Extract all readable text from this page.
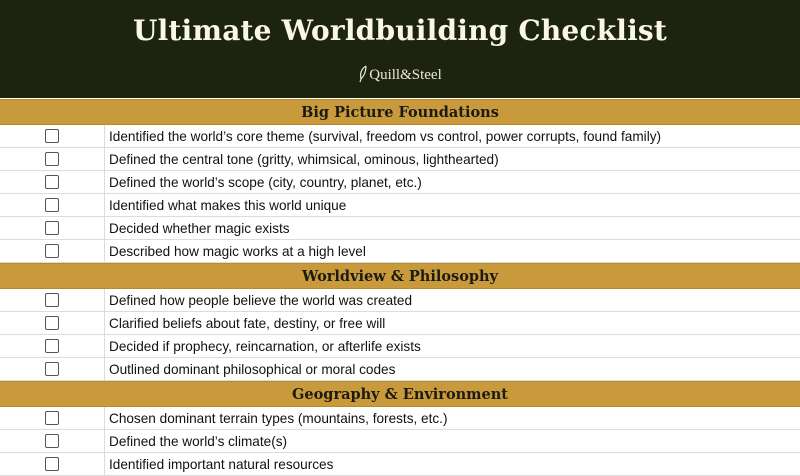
Ultimate Worldbuilding Checklist
Quill&Steel
Big Picture Foundations
Identified the world’s core theme (survival, freedom vs control, power corrupts, found family)
Defined the central tone (gritty, whimsical, ominous, lighthearted)
Defined the world’s scope (city, country, planet, etc.)
Identified what makes this world unique
Decided whether magic exists
Described how magic works at a high level
Worldview & Philosophy
Defined how people believe the world was created
Clarified beliefs about fate, destiny, or free will
Decided if prophecy, reincarnation, or afterlife exists
Outlined dominant philosophical or moral codes
Geography & Environment
Chosen dominant terrain types (mountains, forests, etc.)
Defined the world’s climate(s)
Identified important natural resources
